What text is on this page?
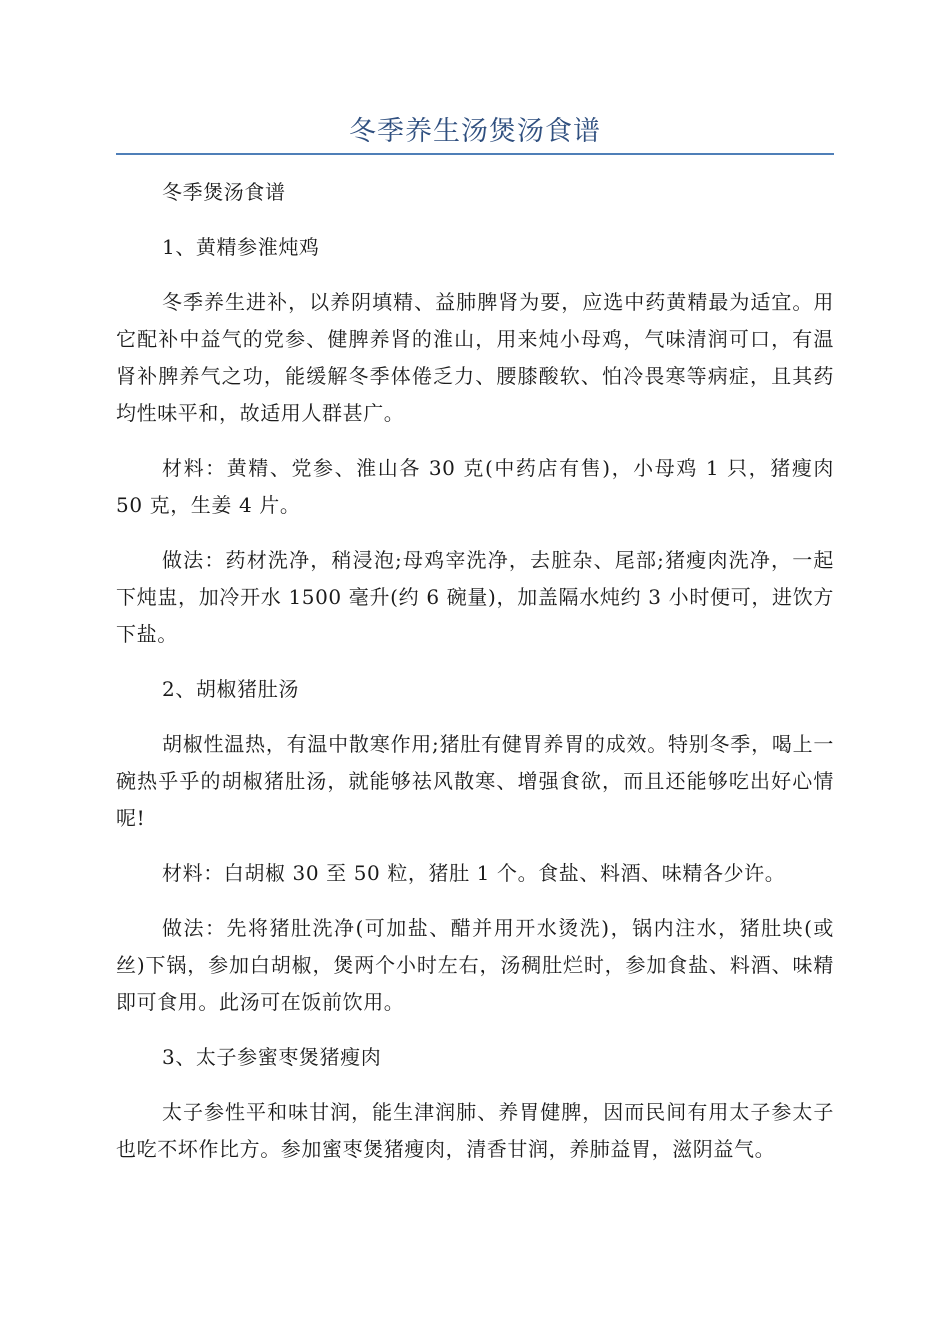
冬季养生汤煲汤食谱

冬季煲汤食谱

1、黄精参淮炖鸡

冬季养生进补，以养阴填精、益肺脾肾为要，应选中药黄精最为适宜。用它配补中益气的党参、健脾养肾的淮山，用来炖小母鸡，气味清润可口，有温肾补脾养气之功，能缓解冬季体倦乏力、腰膝酸软、怕冷畏寒等病症，且其药均性味平和，故适用人群甚广。

材料：黄精、党参、淮山各 30 克(中药店有售)，小母鸡 1 只，猪瘦肉 50 克，生姜 4 片。

做法：药材洗净，稍浸泡;母鸡宰洗净，去脏杂、尾部;猪瘦肉洗净，一起下炖盅，加冷开水 1500 毫升(约 6 碗量)，加盖隔水炖约 3 小时便可，进饮方下盐。

2、胡椒猪肚汤

胡椒性温热，有温中散寒作用;猪肚有健胃养胃的成效。特别冬季，喝上一碗热乎乎的胡椒猪肚汤，就能够祛风散寒、增强食欲，而且还能够吃出好心情呢!

材料：白胡椒 30 至 50 粒，猪肚 1 个。食盐、料酒、味精各少许。

做法：先将猪肚洗净(可加盐、醋并用开水烫洗)，锅内注水，猪肚块(或丝)下锅，参加白胡椒，煲两个小时左右，汤稠肚烂时，参加食盐、料酒、味精即可食用。此汤可在饭前饮用。

3、太子参蜜枣煲猪瘦肉

太子参性平和味甘润，能生津润肺、养胃健脾，因而民间有用太子参太子也吃不坏作比方。参加蜜枣煲猪瘦肉，清香甘润，养肺益胃，滋阴益气。
